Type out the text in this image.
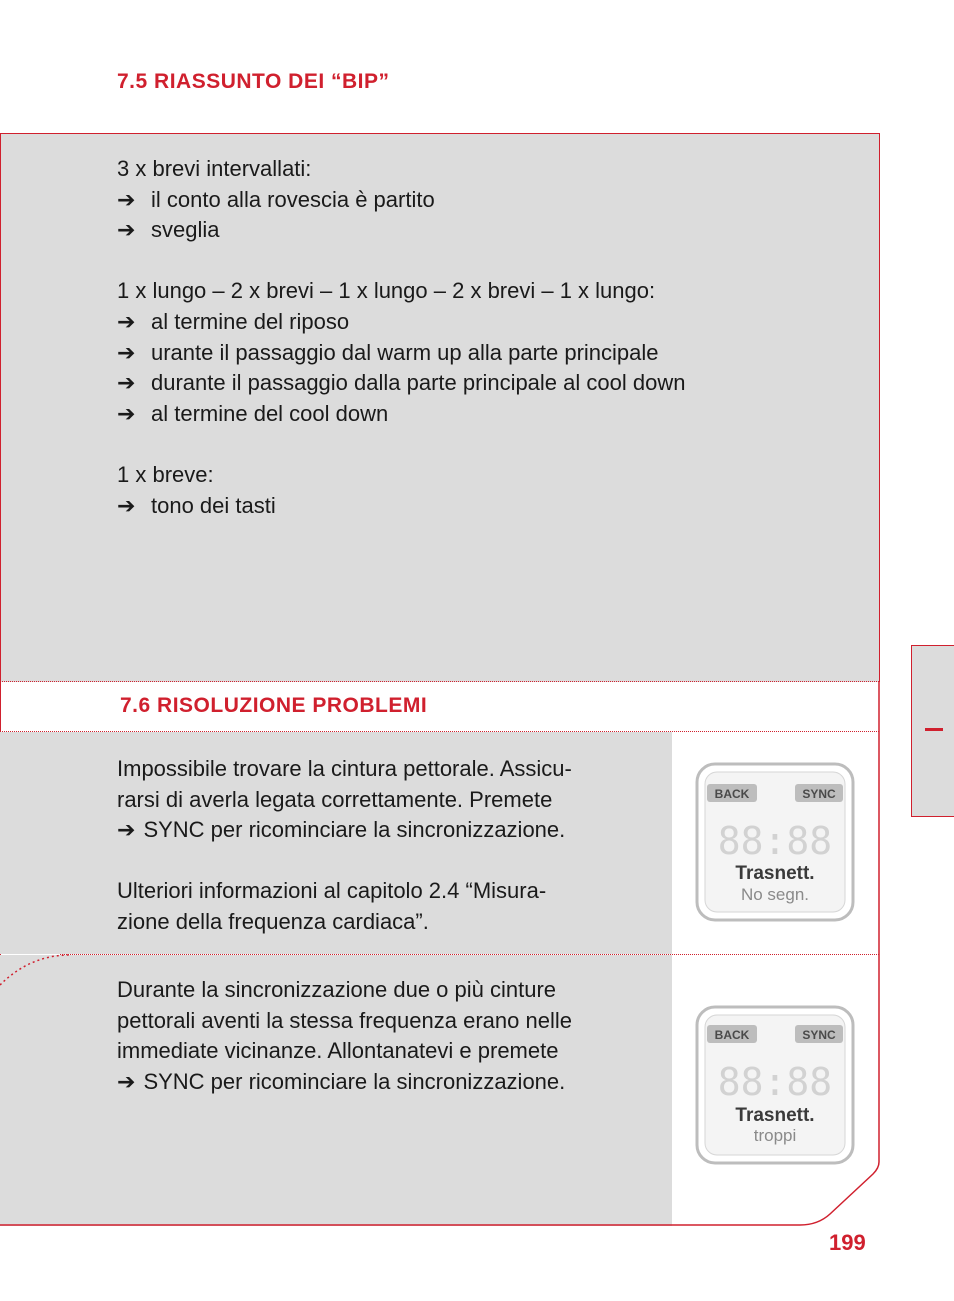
7.5 RIASSUNTO DEI “BIP”
3 x brevi intervallati:
➔ il conto alla rovescia è partito
➔ sveglia
1 x lungo – 2 x brevi – 1 x lungo – 2 x brevi – 1 x lungo:
➔ al termine del riposo
➔ urante il passaggio dal warm up alla parte principale
➔ durante il passaggio dalla parte principale al cool down
➔ al termine del cool down
1 x breve:
➔ tono dei tasti
7.6 RISOLUZIONE PROBLEMI
Impossibile trovare la cintura pettorale. Assicu-
rarsi di averla legata correttamente. Premete
➔ SYNC per ricominciare la sincronizzazione.
Ulteriori informazioni al capitolo 2.4 “Misura-
zione della frequenza cardiaca”.
Durante la sincronizzazione due o più cinture
pettorali aventi la stessa frequenza erano nelle
immediate vicinanze. Allontanatevi e premete
➔ SYNC per ricominciare la sincronizzazione.
BACK	SYNC
88:88
Trasnett.
No segn.
BACK	SYNC
88:88
Trasnett.
troppi
199
